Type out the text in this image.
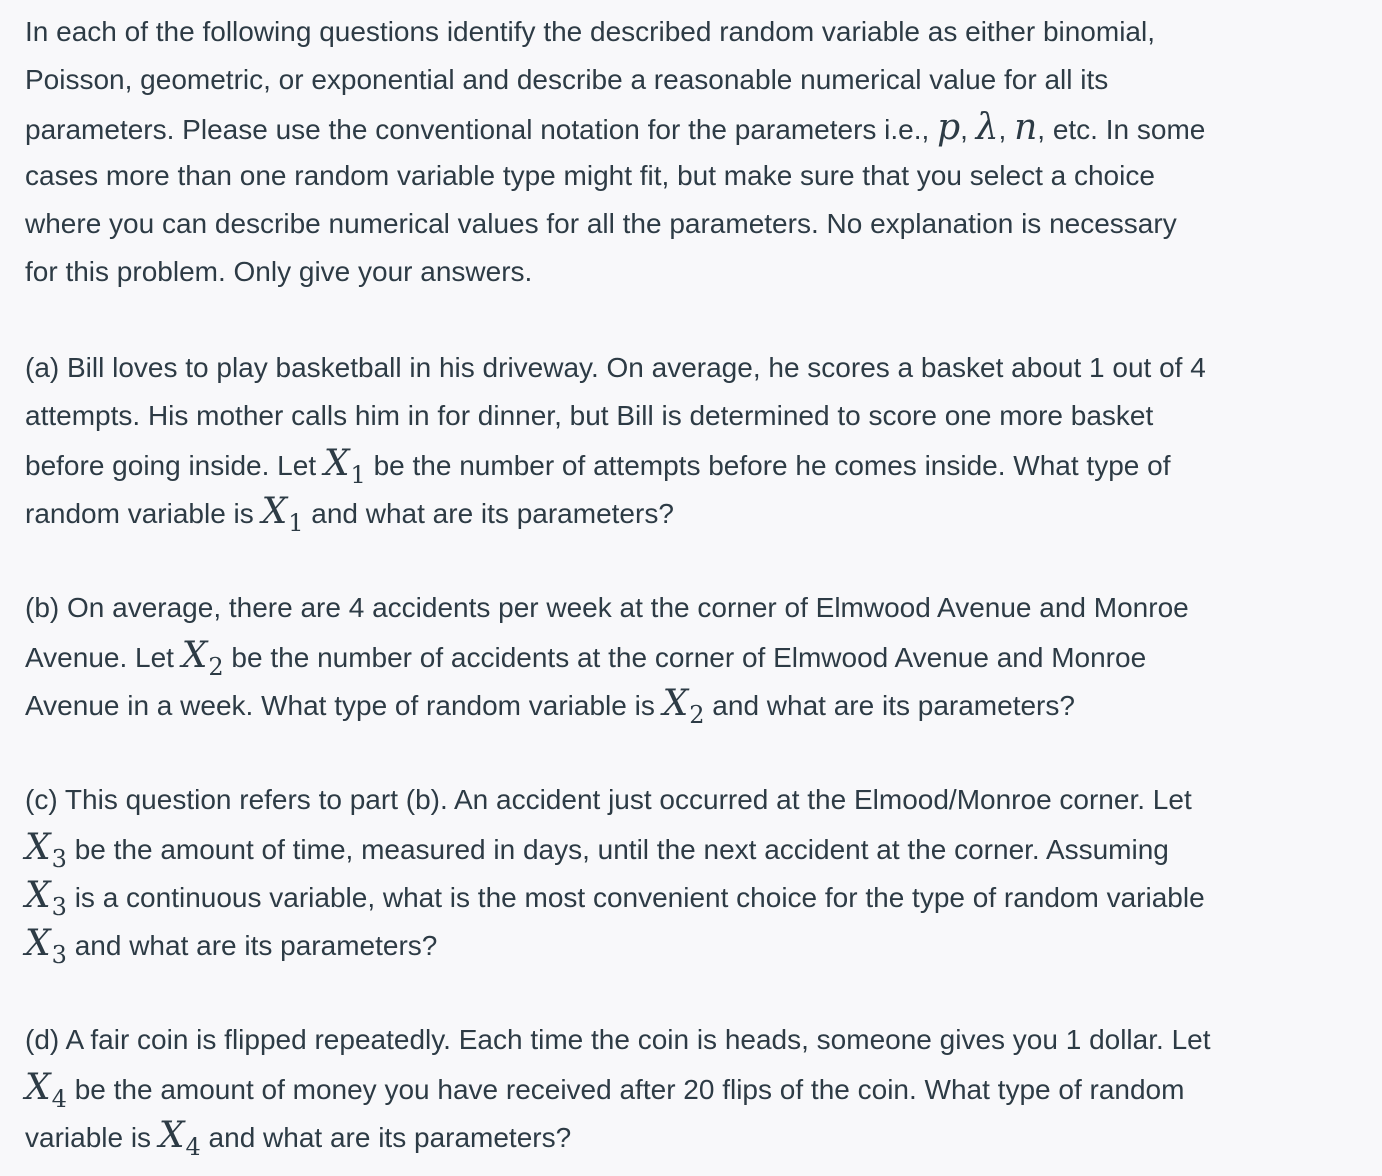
In each of the following questions identify the described random variable as either binomial,
Poisson, geometric, or exponential and describe a reasonable numerical value for all its
parameters. Please use the conventional notation for the parameters i.e., p, λ, n, etc. In some
cases more than one random variable type might fit, but make sure that you select a choice
where you can describe numerical values for all the parameters. No explanation is necessary
for this problem. Only give your answers.

(a) Bill loves to play basketball in his driveway. On average, he scores a basket about 1 out of 4
attempts. His mother calls him in for dinner, but Bill is determined to score one more basket
before going inside. Let $X_1$ be the number of attempts before he comes inside. What type of
random variable is $X_1$ and what are its parameters?

(b) On average, there are 4 accidents per week at the corner of Elmwood Avenue and Monroe
Avenue. Let $X_2$ be the number of accidents at the corner of Elmwood Avenue and Monroe
Avenue in a week. What type of random variable is $X_2$ and what are its parameters?

(c) This question refers to part (b). An accident just occurred at the Elmood/Monroe corner. Let
$X_3$ be the amount of time, measured in days, until the next accident at the corner. Assuming
$X_3$ is a continuous variable, what is the most convenient choice for the type of random variable
$X_3$ and what are its parameters?

(d) A fair coin is flipped repeatedly. Each time the coin is heads, someone gives you 1 dollar. Let
$X_4$ be the amount of money you have received after 20 flips of the coin. What type of random
variable is $X_4$ and what are its parameters?
